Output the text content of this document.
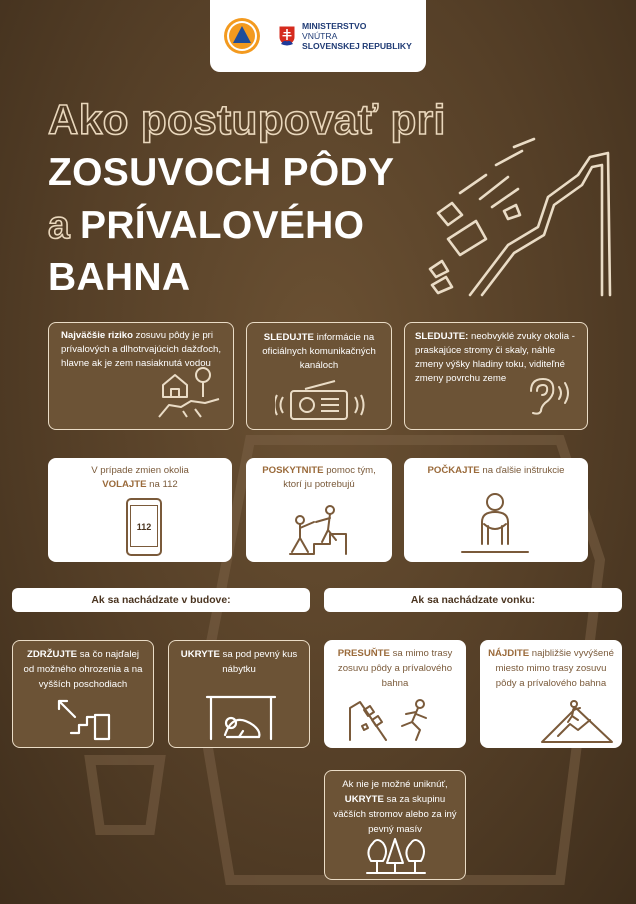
MINISTERSTVO
VNÚTRA
SLOVENSKEJ REPUBLIKY
Ako postupovať pri
ZOSUVOCH PÔDY
a PRÍVALOVÉHO
BAHNA
Najväčšie riziko zosuvu pôdy je pri prívalových a dlhotrvajúcich dažďoch, hlavne ak je zem nasiaknutá vodou
SLEDUJTE informácie na oficiálnych komunikačných kanáloch
SLEDUJTE: neobvyklé zvuky okolia - praskajúce stromy či skaly, náhle zmeny výšky hladiny toku, viditeľné zmeny povrchu zeme
V prípade zmien okolia
VOLAJTE na 112
112
POSKYTNITE pomoc tým, ktorí ju potrebujú
POČKAJTE na ďalšie inštrukcie
Ak sa nachádzate v budove:	Ak sa nachádzate vonku:
ZDRŽUJTE sa čo najďalej od možného ohrozenia a na vyšších poschodiach
UKRYTE sa pod pevný kus nábytku
PRESUŇTE sa mimo trasy zosuvu pôdy a prívalového bahna
NÁJDITE najbližšie vyvýšené miesto mimo trasy zosuvu pôdy a prívalového bahna
Ak nie je možné uniknúť, UKRYTE sa za skupinu väčších stromov alebo za iný pevný masív
